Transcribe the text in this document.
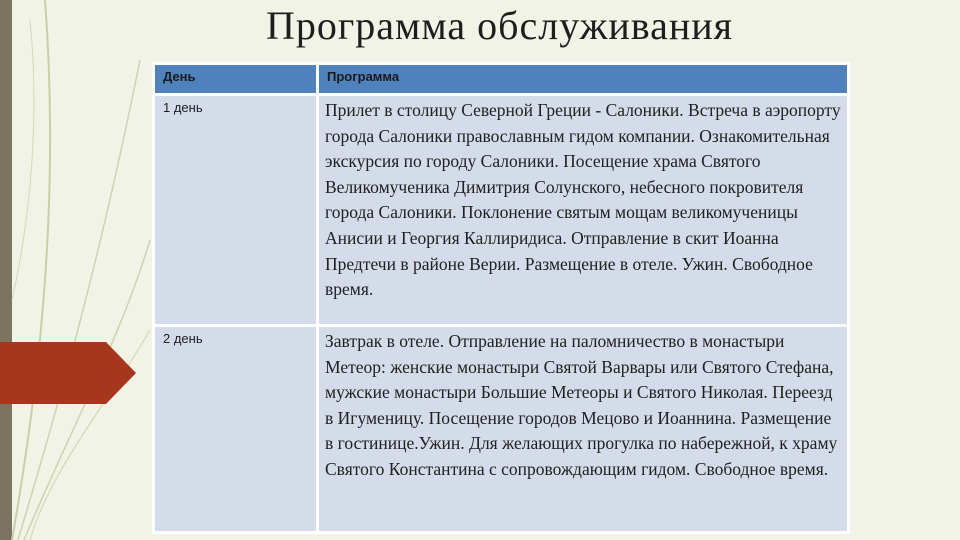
Программа обслуживания
День	Программа
1 день	Прилет в столицу Северной Греции - Салоники. Встреча в аэропорту города Салоники православным гидом компании. Ознакомительная экскурсия по городу Салоники. Посещение храма Святого Великомученика Димитрия Солунского, небесного покровителя города Салоники. Поклонение святым мощам великомученицы Анисии и Георгия Каллиридиса. Отправление в скит Иоанна Предтечи в районе Верии. Размещение в отеле. Ужин. Свободное время.
2 день	Завтрак в отеле. Отправление на паломничество в монастыри Метеор: женские монастыри Святой Варвары или Святого Стефана, мужские монастыри Большие Метеоры и Святого Николая. Переезд в Игуменицу. Посещение городов Мецово и Иоаннина. Размещение в гостинице.Ужин. Для желающих прогулка по набережной, к храму Святого Константина с сопровождающим гидом. Свободное время.
